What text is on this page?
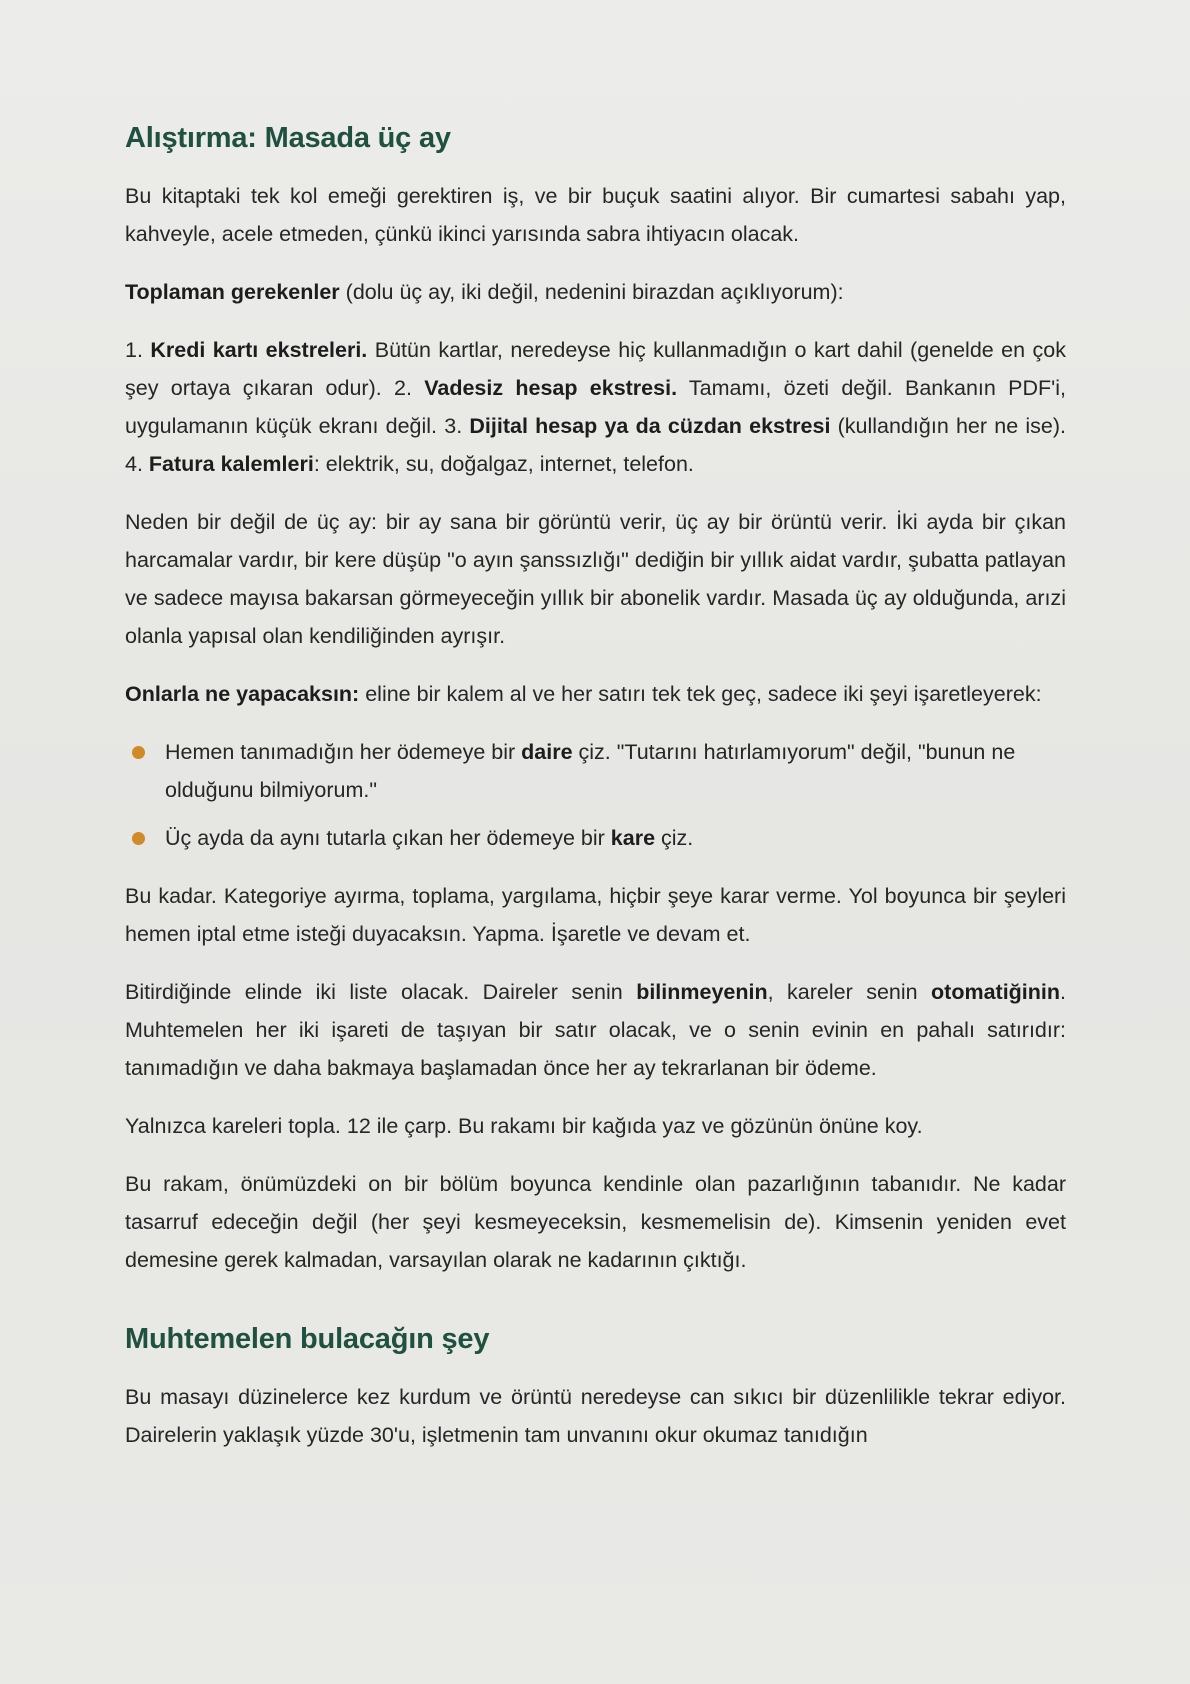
Alıştırma: Masada üç ay

Bu kitaptaki tek kol emeği gerektiren iş, ve bir buçuk saatini alıyor. Bir cumartesi sabahı yap, kahveyle, acele etmeden, çünkü ikinci yarısında sabra ihtiyacın olacak.

Toplaman gerekenler (dolu üç ay, iki değil, nedenini birazdan açıklıyorum):

1. Kredi kartı ekstreleri. Bütün kartlar, neredeyse hiç kullanmadığın o kart dahil (genelde en çok şey ortaya çıkaran odur). 2. Vadesiz hesap ekstresi. Tamamı, özeti değil. Bankanın PDF'i, uygulamanın küçük ekranı değil. 3. Dijital hesap ya da cüzdan ekstresi (kullandığın her ne ise). 4. Fatura kalemleri: elektrik, su, doğalgaz, internet, telefon.

Neden bir değil de üç ay: bir ay sana bir görüntü verir, üç ay bir örüntü verir. İki ayda bir çıkan harcamalar vardır, bir kere düşüp "o ayın şanssızlığı" dediğin bir yıllık aidat vardır, şubatta patlayan ve sadece mayısa bakarsan görmeyeceğin yıllık bir abonelik vardır. Masada üç ay olduğunda, arızi olanla yapısal olan kendiliğinden ayrışır.

Onlarla ne yapacaksın: eline bir kalem al ve her satırı tek tek geç, sadece iki şeyi işaretleyerek:

Hemen tanımadığın her ödemeye bir daire çiz. "Tutarını hatırlamıyorum" değil, "bunun ne olduğunu bilmiyorum."
Üç ayda da aynı tutarla çıkan her ödemeye bir kare çiz.

Bu kadar. Kategoriye ayırma, toplama, yargılama, hiçbir şeye karar verme. Yol boyunca bir şeyleri hemen iptal etme isteği duyacaksın. Yapma. İşaretle ve devam et.

Bitirdiğinde elinde iki liste olacak. Daireler senin bilinmeyenin, kareler senin otomatiğinin. Muhtemelen her iki işareti de taşıyan bir satır olacak, ve o senin evinin en pahalı satırıdır: tanımadığın ve daha bakmaya başlamadan önce her ay tekrarlanan bir ödeme.

Yalnızca kareleri topla. 12 ile çarp. Bu rakamı bir kağıda yaz ve gözünün önüne koy.

Bu rakam, önümüzdeki on bir bölüm boyunca kendinle olan pazarlığının tabanıdır. Ne kadar tasarruf edeceğin değil (her şeyi kesmeyeceksin, kesmemelisin de). Kimsenin yeniden evet demesine gerek kalmadan, varsayılan olarak ne kadarının çıktığı.

Muhtemelen bulacağın şey

Bu masayı düzinelerce kez kurdum ve örüntü neredeyse can sıkıcı bir düzenlilikle tekrar ediyor. Dairelerin yaklaşık yüzde 30'u, işletmenin tam unvanını okur okumaz tanıdığın
